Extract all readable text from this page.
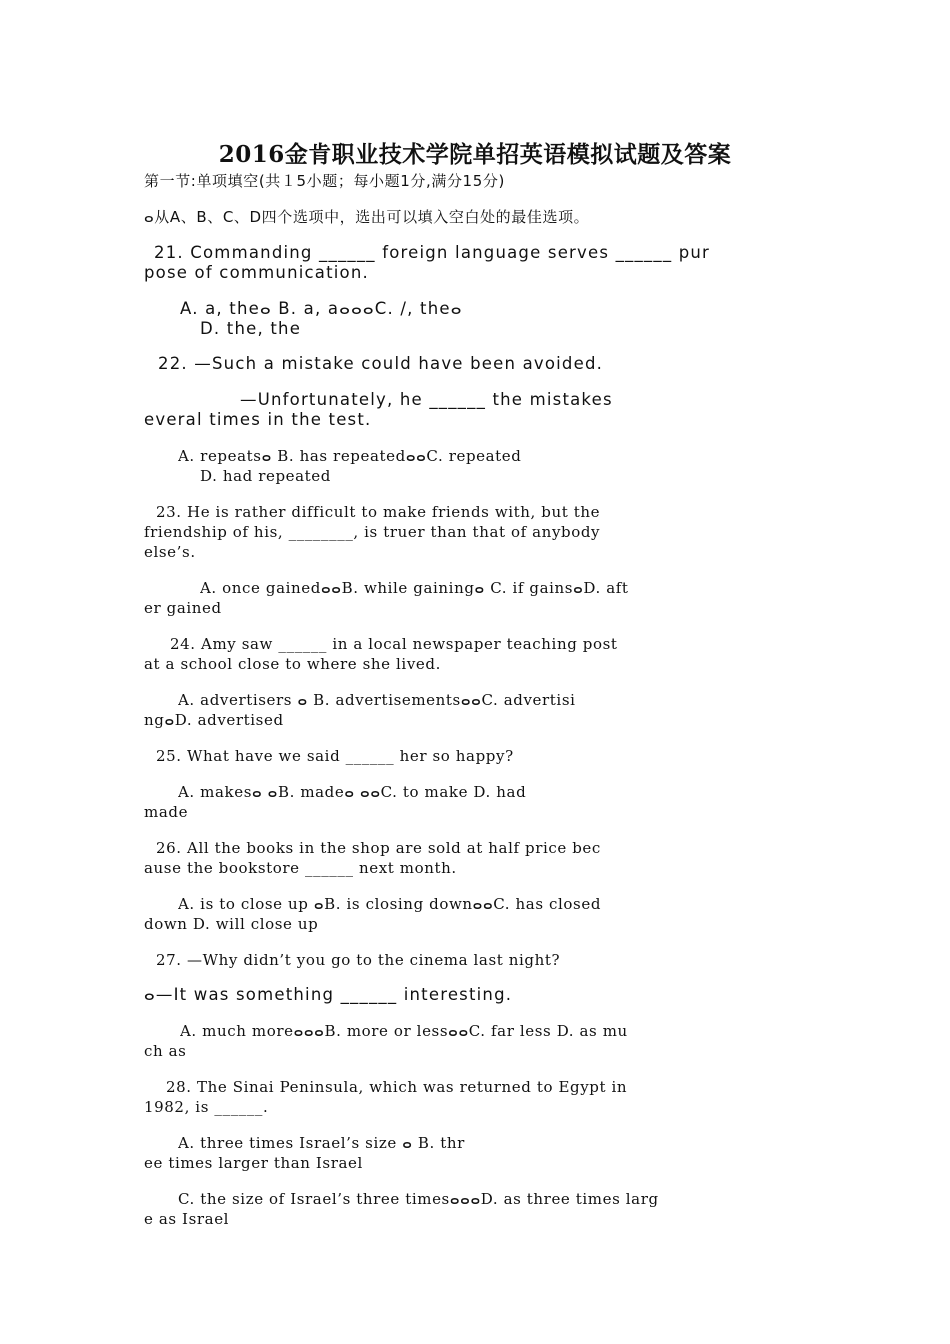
2016金肯职业技术学院单招英语模拟试题及答案
第一节:单项填空(共１5小题；每小题1分,满分15分)
ⴰ从A、B、C、D四个选项中，选出可以填入空白处的最佳选项。
21. Commanding ______ foreign language serves ______ pur
pose of communication.
A. a, theⴰ B. a, aⴰⴰⴰC. /, theⴰ
D. the, the
22. —Such a mistake could have been avoided.
—Unfortunately, he ______ the mistakes
everal times in the test.
A. repeatsⴰ B. has repeatedⴰⴰC. repeated
D. had repeated
23. He is rather difficult to make friends with, but the
friendship of his, ________, is truer than that of anybody
else’s.
A. once gainedⴰⴰB. while gainingⴰ C. if gainsⴰD. aft
er gained
24. Amy saw ______ in a local newspaper teaching post
at a school close to where she lived.
A. advertisers ⴰ B. advertisementsⴰⴰC. advertisi
ngⴰD. advertised
25. What have we said ______ her so happy?
A. makesⴰ ⴰB. madeⴰ ⴰⴰC. to make D. had
made
26. All the books in the shop are sold at half price bec
ause the bookstore ______ next month.
A. is to close up ⴰB. is closing downⴰⴰC. has closed
down D. will close up
27. —Why didn’t you go to the cinema last night?
ⴰ—It was something ______ interesting.
A. much moreⴰⴰⴰB. more or lessⴰⴰC. far less D. as mu
ch as
28. The Sinai Peninsula, which was returned to Egypt in
1982, is ______.
A. three times Israel’s size ⴰ B. thr
ee times larger than Israel
C. the size of Israel’s three timesⴰⴰⴰD. as three times larg
e as Israel
